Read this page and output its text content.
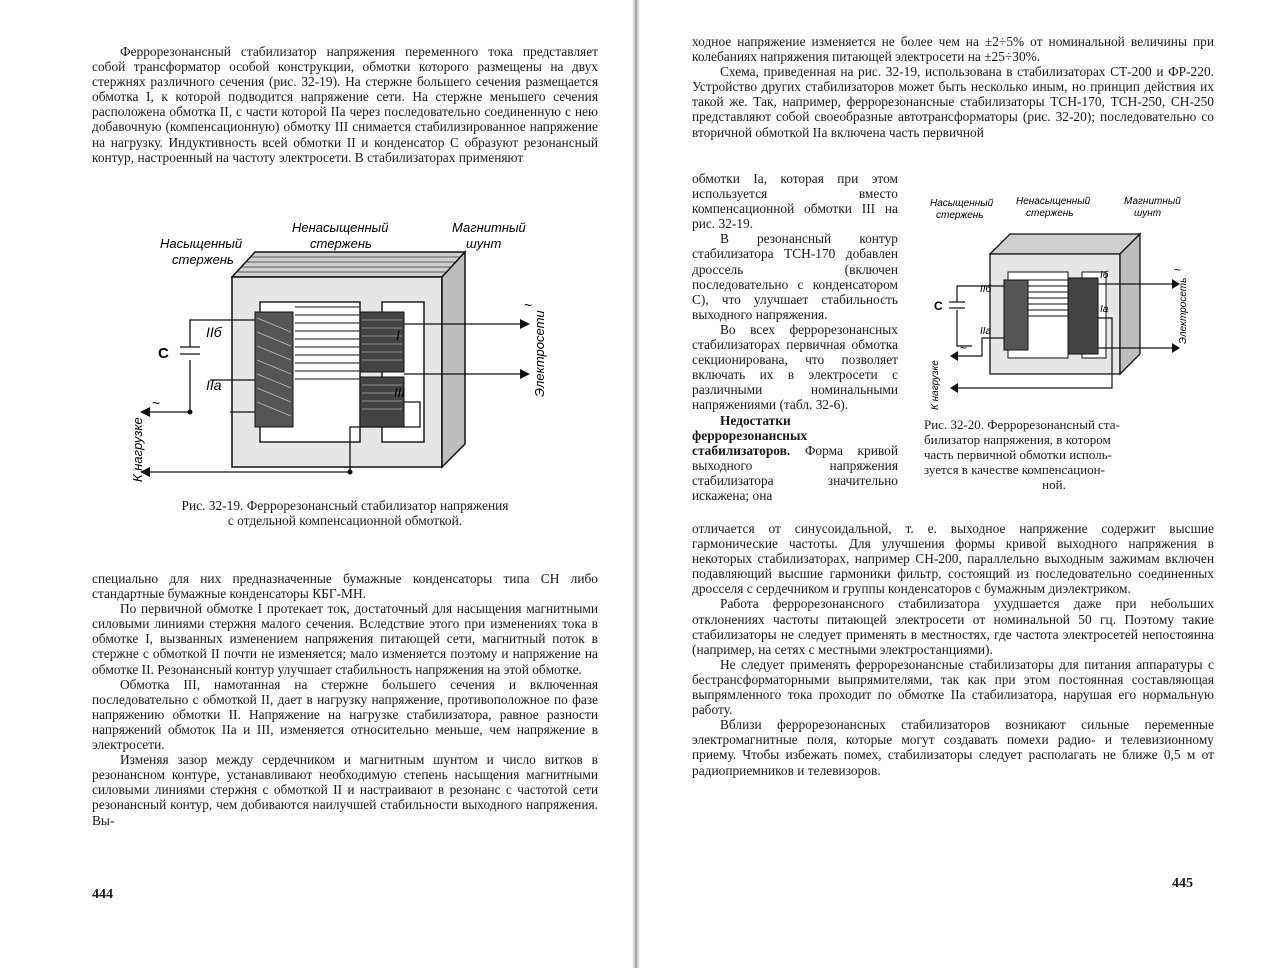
Феррорезонансный стабилизатор напряжения переменного тока представляет собой трансформатор особой конструкции, обмотки которого размещены на двух стержнях различного сечения (рис. 32-19). На стержне большего сечения размещается обмотка I, к которой подводится напряжение сети. На стержне меньшего сечения расположена обмотка II, с части которой IIa через последовательно соединенную с нею добавочную (компенсационную) обмотку III снимается стабилизированное напряжение на нагрузку. Индуктивность всей обмотки II и конденсатор C образуют резонансный контур, настроенный на частоту электросети. В стабилизаторах применяют

Насыщенный
стержень
Ненасыщенный
стержень
Магнитный
шунт
C
IIб
IIа
I
III
~
~
К нагрузке
Электросети
Рис. 32-19. Феррорезонансный стабилизатор напряжения
с отдельной компенсационной обмоткой.

специально для них предназначенные бумажные конденсаторы типа СН либо стандартные бумажные конденсаторы КБГ-МН.

По первичной обмотке I протекает ток, достаточный для насыщения магнитными силовыми линиями стержня малого сечения. Вследствие этого при изменениях тока в обмотке I, вызванных изменением напряжения питающей сети, магнитный поток в стержне с обмоткой II почти не изменяется; мало изменяется поэтому и напряжение на обмотке II. Резонансный контур улучшает стабильность напряжения на этой обмотке.

Обмотка III, намотанная на стержне большего сечения и включенная последовательно с обмоткой II, дает в нагрузку напряжение, противоположное по фазе напряжению обмотки II. Напряжение на нагрузке стабилизатора, равное разности напряжений обмоток IIa и III, изменяется относительно меньше, чем напряжение в электросети.

Изменяя зазор между сердечником и магнитным шунтом и число витков в резонансном контуре, устанавливают необходимую степень насыщения магнитными силовыми линиями стержня с обмоткой II и настраивают в резонанс с частотой сети резонансный контур, чем добиваются наилучшей стабильности выходного напряжения. Вы-

444

ходное напряжение изменяется не более чем на ±2÷5% от номинальной величины при колебаниях напряжения питающей электросети на ±25÷30%.

Схема, приведенная на рис. 32-19, использована в стабилизаторах СТ-200 и ФР-220. Устройство других стабилизаторов может быть несколько иным, но принцип действия их такой же. Так, например, феррорезонансные стабилизаторы ТСН-170, ТСН-250, СН-250 представляют собой своеобразные автотрансформаторы (рис. 32-20); последовательно со вторичной обмоткой IIa включена часть первичной

обмотки Ia, которая при этом используется вместо компенсационной обмотки III на рис. 32-19.

В резонансный контур стабилизатора ТСН-170 добавлен дроссель (включен последовательно с конденсатором C), что улучшает стабильность выходного напряжения.

Во всех феррорезонансных стабилизаторах первичная обмотка секционирована, что позволяет включать их в электросети с различными номинальными напряжениями (табл. 32-6).

Недостатки феррорезонансных стабилизаторов. Форма кривой выходного напряжения стабилизатора значительно искажена; она

Насыщенный
стержень
Ненасыщенный
стержень
Магнитный
шунт
C
IIб
IIа
Iб
Iа
~
~
К нагрузке
Электросеть
Рис. 32-20. Феррорезонансный ста-
билизатор напряжения, в котором
часть первичной обмотки исполь-
зуется в качестве компенсацион-
ной.

отличается от синусоидальной, т. е. выходное напряжение содержит высшие гармонические частоты. Для улучшения формы кривой выходного напряжения в некоторых стабилизаторах, например СН-200, параллельно выходным зажимам включен подавляющий высшие гармоники фильтр, состоящий из последовательно соединенных дросселя с сердечником и группы конденсаторов с бумажным диэлектриком.

Работа феррорезонансного стабилизатора ухудшается даже при небольших отклонениях частоты питающей электросети от номинальной 50 гц. Поэтому такие стабилизаторы не следует применять в местностях, где частота электросетей непостоянна (например, на сетях с местными электростанциями).

Не следует применять феррорезонансные стабилизаторы для питания аппаратуры с бестрансформаторными выпрямителями, так как при этом постоянная составляющая выпрямленного тока проходит по обмотке IIa стабилизатора, нарушая его нормальную работу.

Вблизи феррорезонансных стабилизаторов возникают сильные переменные электромагнитные поля, которые могут создавать помехи радио- и телевизионному приему. Чтобы избежать помех, стабилизаторы следует располагать не ближе 0,5 м от радиоприемников и телевизоров.

445
